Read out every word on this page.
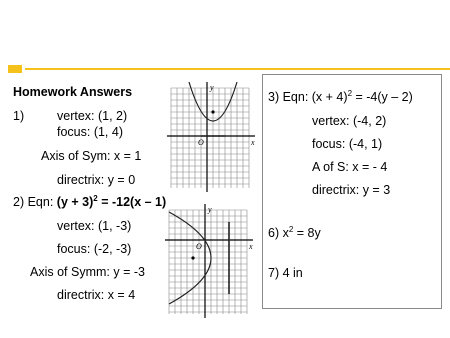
Homework Answers
1)	vertex: (1, 2)
focus: (1, 4)
Axis of Sym: x = 1
directrix: y = 0
2) Eqn: $(y + 3)^2 = -12(x - 1)$
vertex: (1, -3)
focus: (-2, -3)
Axis of Symm: y = -3
directrix: x = 4
y
x
O
y
x
O
3) Eqn: $(x + 4)^2 = -4(y - 2)$
vertex: (-4, 2)
focus: (-4, 1)
A of S: x = - 4
directrix: y = 3
6) $x^2 = 8y$
7) 4 in
